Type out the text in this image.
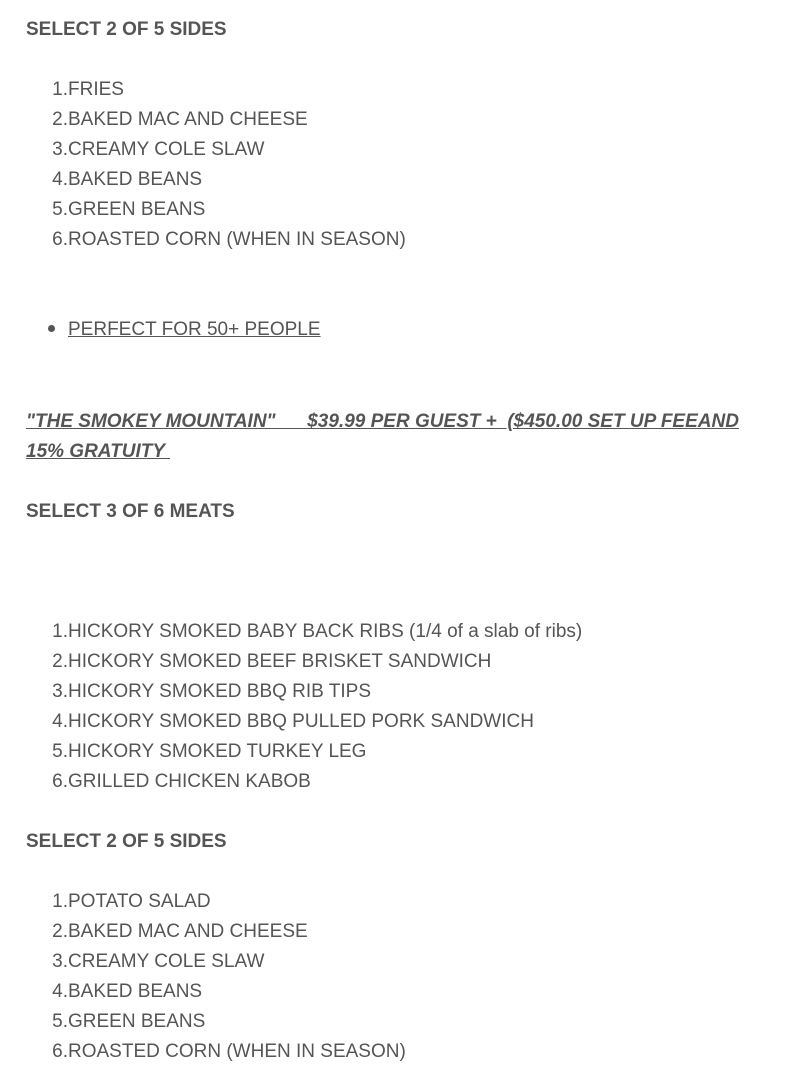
SELECT 2 OF 5 SIDES
1.FRIES
2.BAKED MAC AND CHEESE
3.CREAMY COLE SLAW
4.BAKED BEANS
5.GREEN BEANS
6.ROASTED CORN (WHEN IN SEASON)
PERFECT FOR 50+ PEOPLE
"THE SMOKEY MOUNTAIN"      $39.99 PER GUEST +  ($450.00 SET UP FEEAND
15% GRATUITY
SELECT 3 OF 6 MEATS
1.HICKORY SMOKED BABY BACK RIBS (1/4 of a slab of ribs)
2.HICKORY SMOKED BEEF BRISKET SANDWICH
3.HICKORY SMOKED BBQ RIB TIPS
4.HICKORY SMOKED BBQ PULLED PORK SANDWICH
5.HICKORY SMOKED TURKEY LEG
6.GRILLED CHICKEN KABOB
SELECT 2 OF 5 SIDES
1.POTATO SALAD
2.BAKED MAC AND CHEESE
3.CREAMY COLE SLAW
4.BAKED BEANS
5.GREEN BEANS
6.ROASTED CORN (WHEN IN SEASON)
